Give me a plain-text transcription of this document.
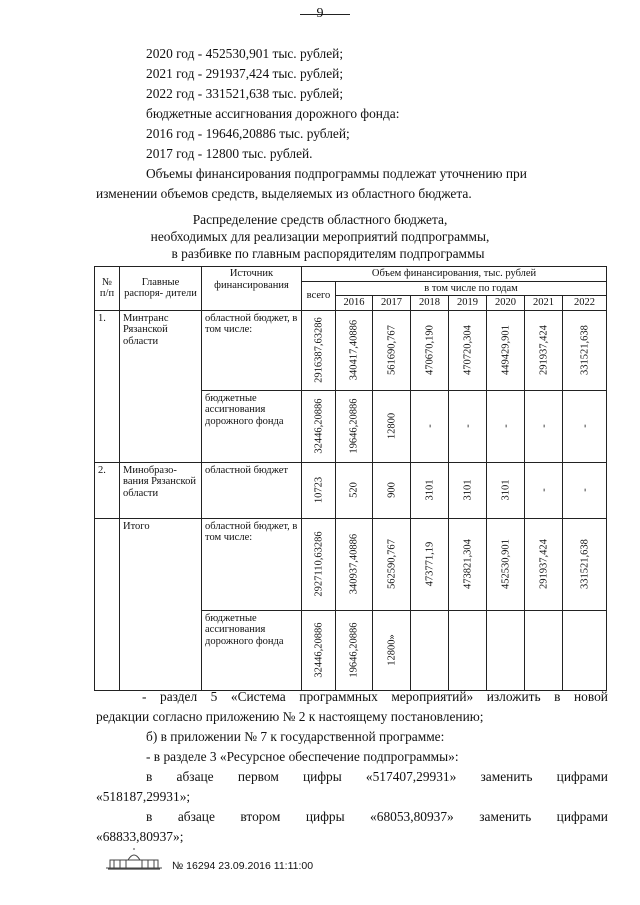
9
2020 год - 452530,901 тыс. рублей;
2021 год - 291937,424 тыс. рублей;
2022 год - 331521,638 тыс. рублей;
бюджетные ассигнования дорожного фонда:
2016 год - 19646,20886 тыс. рублей;
2017 год - 12800 тыс. рублей.
Объемы финансирования подпрограммы подлежат уточнению при
изменении объемов средств, выделяемых из областного бюджета.
Распределение средств областного бюджета,
необходимых для реализации мероприятий подпрограммы,
в разбивке по главным распорядителям подпрограммы
№ п/п	Главные распоря- дители	Источник финансирования	Объем финансирования, тыс. рублей							
			всего	в том числе по годам						
				2016	2017	2018	2019	2020	2021	2022
1.	Минтранс Рязанской области	областной бюджет, в том числе:	2916387,63286	340417,40886	561690,767	470670,190	470720,304	449429,901	291937,424	331521,638

		бюджетные ассигнования дорожного фонда	32446,20886	19646,20886	12800	-	-	-	-	-

2.	Минобразо- вания Рязанской области	областной бюджет	10723	520	900	3101	3101	3101	-	-

	Итого	областной бюджет, в том числе:	2927110,63286	340937,40886	562590,767	473771,19	473821,304	452530,901	291937,424	331521,638

		бюджетные ассигнования дорожного фонда	32446,20886	19646,20886	12800»					

- раздел 5 «Система программных мероприятий» изложить в новой
редакции согласно приложению № 2 к настоящему постановлению;
б) в приложении № 7 к государственной программе:
- в разделе 3 «Ресурсное обеспечение подпрограммы»:
в абзаце первом цифры «517407,29931» заменить цифрами
«518187,29931»;
в абзаце втором цифры «68053,80937» заменить цифрами
«68833,80937»;
№ 16294 23.09.2016 11:11:00
